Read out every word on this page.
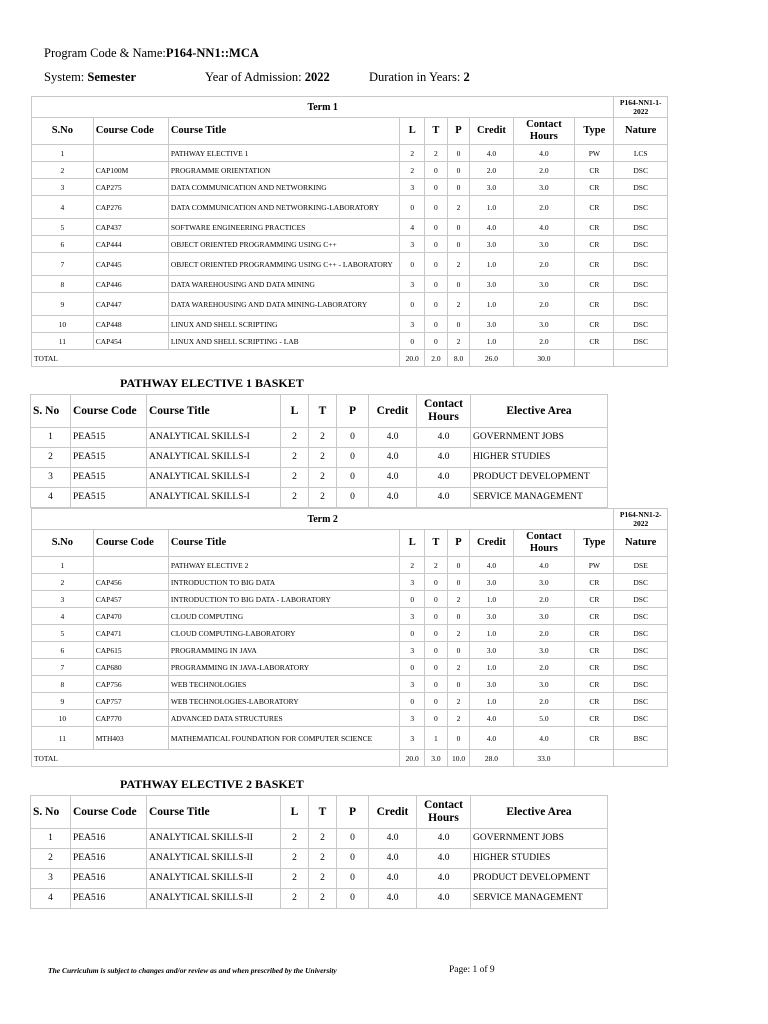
Program Code & Name:P164-NN1::MCA
System: Semester	Year of Admission: 2022	Duration in Years: 2
Term 1									P164-NN1-1-2022
S.No	Course Code	Course Title	L	T	P	Credit	Contact Hours	Type	Nature
1		PATHWAY ELECTIVE 1	2	2	0	4.0	4.0	PW	LCS
2	CAP100M	PROGRAMME ORIENTATION	2	0	0	2.0	2.0	CR	DSC
3	CAP275	DATA COMMUNICATION AND NETWORKING	3	0	0	3.0	3.0	CR	DSC
4	CAP276	DATA COMMUNICATION AND NETWORKING-LABORATORY	0	0	2	1.0	2.0	CR	DSC
5	CAP437	SOFTWARE ENGINEERING PRACTICES	4	0	0	4.0	4.0	CR	DSC
6	CAP444	OBJECT ORIENTED PROGRAMMING USING C++	3	0	0	3.0	3.0	CR	DSC
7	CAP445	OBJECT ORIENTED PROGRAMMING USING C++ - LABORATORY	0	0	2	1.0	2.0	CR	DSC
8	CAP446	DATA WAREHOUSING AND DATA MINING	3	0	0	3.0	3.0	CR	DSC
9	CAP447	DATA WAREHOUSING AND DATA MINING-LABORATORY	0	0	2	1.0	2.0	CR	DSC
10	CAP448	LINUX AND SHELL SCRIPTING	3	0	0	3.0	3.0	CR	DSC
11	CAP454	LINUX AND SHELL SCRIPTING - LAB	0	0	2	1.0	2.0	CR	DSC
TOTAL			20.0	2.0	8.0	26.0	30.0		
PATHWAY ELECTIVE 1 BASKET
S. No	Course Code	Course Title	L	T	P	Credit	Contact Hours	Elective Area
1	PEA515	ANALYTICAL SKILLS-I	2	2	0	4.0	4.0	GOVERNMENT JOBS
2	PEA515	ANALYTICAL SKILLS-I	2	2	0	4.0	4.0	HIGHER STUDIES
3	PEA515	ANALYTICAL SKILLS-I	2	2	0	4.0	4.0	PRODUCT DEVELOPMENT
4	PEA515	ANALYTICAL SKILLS-I	2	2	0	4.0	4.0	SERVICE MANAGEMENT
Term 2									P164-NN1-2-2022
S.No	Course Code	Course Title	L	T	P	Credit	Contact Hours	Type	Nature
1		PATHWAY ELECTIVE 2	2	2	0	4.0	4.0	PW	DSE
2	CAP456	INTRODUCTION TO BIG DATA	3	0	0	3.0	3.0	CR	DSC
3	CAP457	INTRODUCTION TO BIG DATA - LABORATORY	0	0	2	1.0	2.0	CR	DSC
4	CAP470	CLOUD COMPUTING	3	0	0	3.0	3.0	CR	DSC
5	CAP471	CLOUD COMPUTING-LABORATORY	0	0	2	1.0	2.0	CR	DSC
6	CAP615	PROGRAMMING IN JAVA	3	0	0	3.0	3.0	CR	DSC
7	CAP680	PROGRAMMING IN JAVA-LABORATORY	0	0	2	1.0	2.0	CR	DSC
8	CAP756	WEB TECHNOLOGIES	3	0	0	3.0	3.0	CR	DSC
9	CAP757	WEB TECHNOLOGIES-LABORATORY	0	0	2	1.0	2.0	CR	DSC
10	CAP770	ADVANCED DATA STRUCTURES	3	0	2	4.0	5.0	CR	DSC
11	MTH403	MATHEMATICAL FOUNDATION FOR COMPUTER SCIENCE	3	1	0	4.0	4.0	CR	BSC
TOTAL			20.0	3.0	10.0	28.0	33.0		
PATHWAY ELECTIVE 2 BASKET
S. No	Course Code	Course Title	L	T	P	Credit	Contact Hours	Elective Area
1	PEA516	ANALYTICAL SKILLS-II	2	2	0	4.0	4.0	GOVERNMENT JOBS
2	PEA516	ANALYTICAL SKILLS-II	2	2	0	4.0	4.0	HIGHER STUDIES
3	PEA516	ANALYTICAL SKILLS-II	2	2	0	4.0	4.0	PRODUCT DEVELOPMENT
4	PEA516	ANALYTICAL SKILLS-II	2	2	0	4.0	4.0	SERVICE MANAGEMENT
The Curriculum is subject to changes and/or review as and when prescribed by the University	Page: 1 of 9
